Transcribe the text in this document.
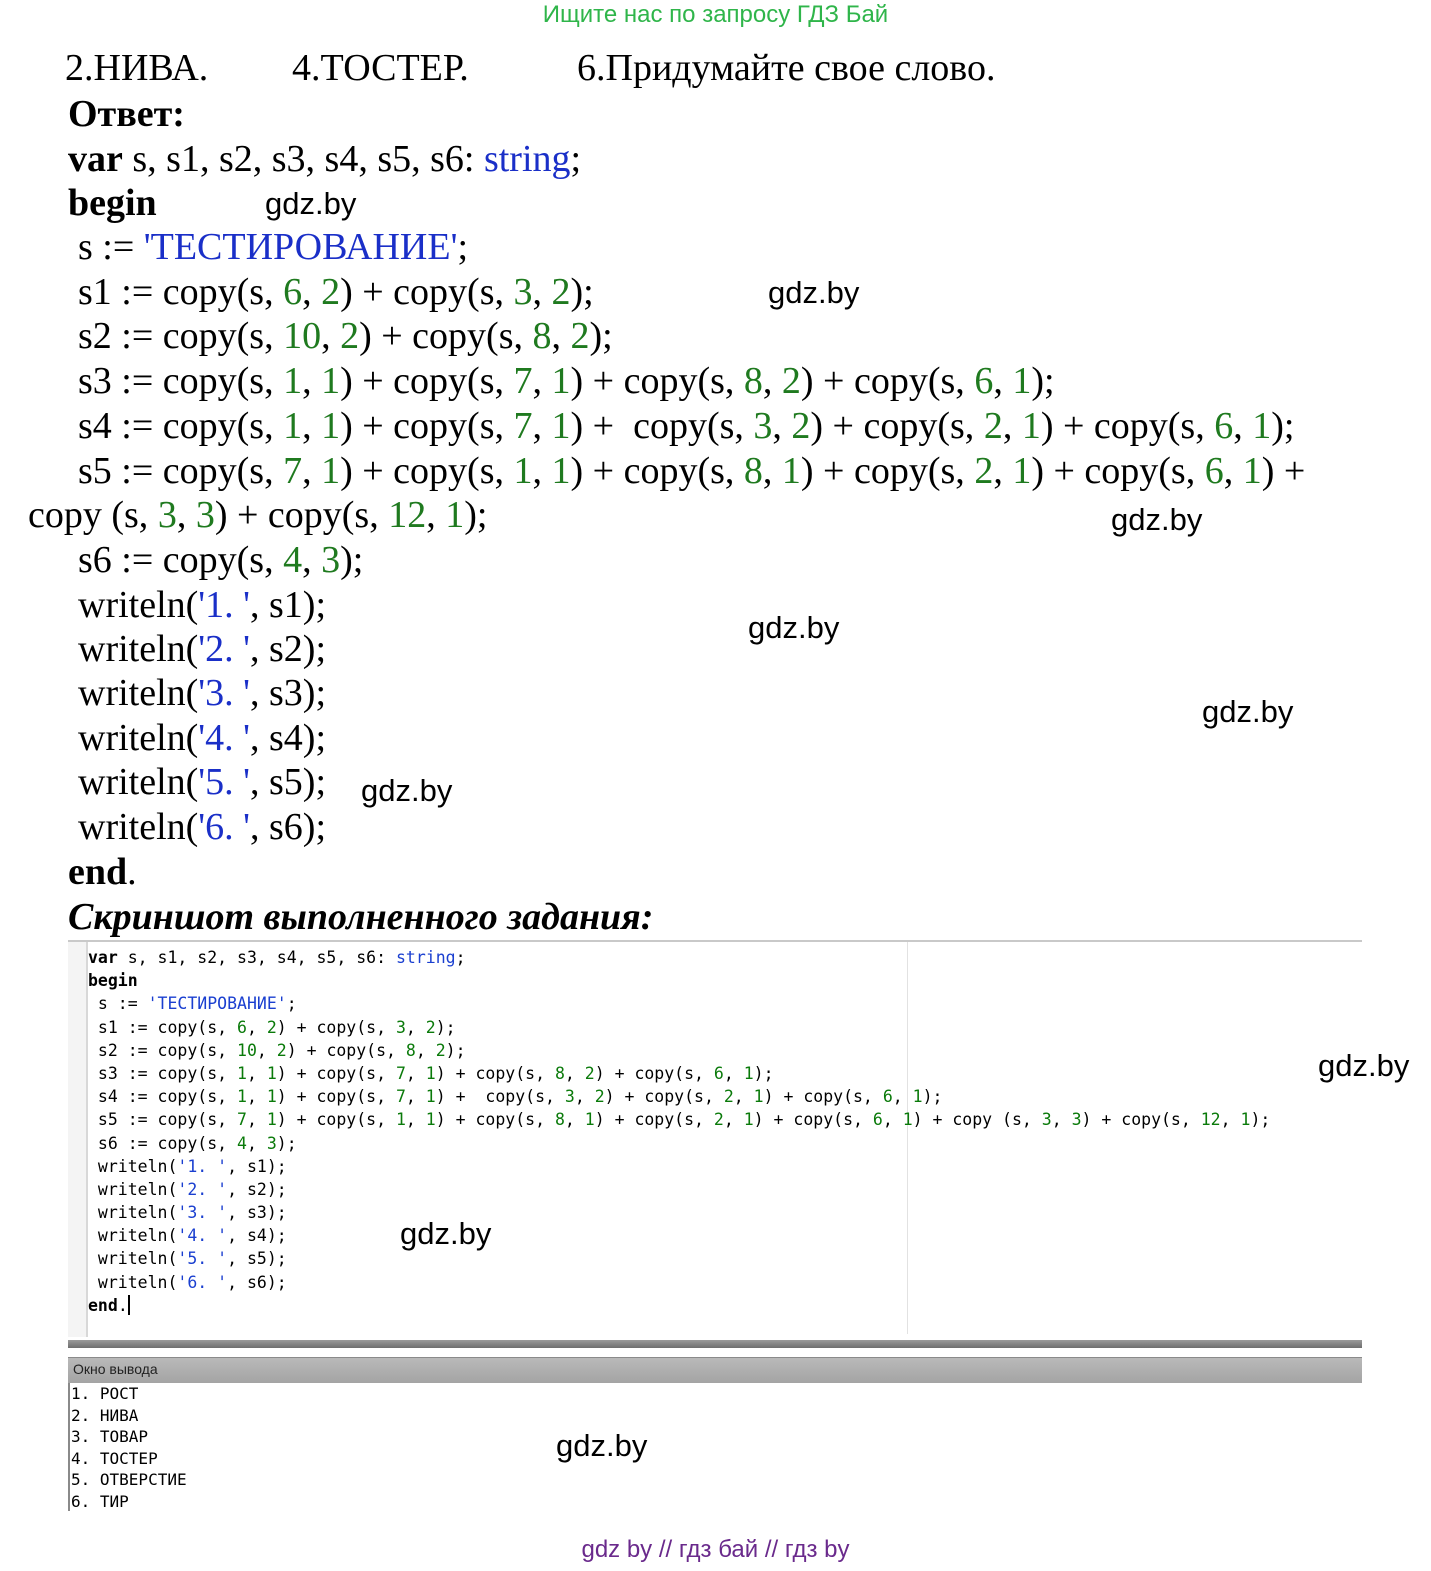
Ищите нас по запросу ГДЗ Бай
2.НИВА. 4.ТОСТЕР.	6.Придумайте свое слово.
Ответ:
var s, s1, s2, s3, s4, s5, s6: string;
begin
s := 'ТЕСТИРОВАНИЕ';
s1 := copy(s, 6, 2) + copy(s, 3, 2);
s2 := copy(s, 10, 2) + copy(s, 8, 2);
s3 := copy(s, 1, 1) + copy(s, 7, 1) + copy(s, 8, 2) + copy(s, 6, 1);
s4 := copy(s, 1, 1) + copy(s, 7, 1) +  copy(s, 3, 2) + copy(s, 2, 1) + copy(s, 6, 1);
s5 := copy(s, 7, 1) + copy(s, 1, 1) + copy(s, 8, 1) + copy(s, 2, 1) + copy(s, 6, 1) +
copy (s, 3, 3) + copy(s, 12, 1);
s6 := copy(s, 4, 3);
writeln('1. ', s1);
writeln('2. ', s2);
writeln('3. ', s3);
writeln('4. ', s4);
writeln('5. ', s5);
writeln('6. ', s6);
end.
Скриншот выполненного задания:
var s, s1, s2, s3, s4, s5, s6: string;
begin
s := 'ТЕСТИРОВАНИЕ';
s1 := copy(s, 6, 2) + copy(s, 3, 2);
s2 := copy(s, 10, 2) + copy(s, 8, 2);
s3 := copy(s, 1, 1) + copy(s, 7, 1) + copy(s, 8, 2) + copy(s, 6, 1);
s4 := copy(s, 1, 1) + copy(s, 7, 1) +  copy(s, 3, 2) + copy(s, 2, 1) + copy(s, 6, 1);
s5 := copy(s, 7, 1) + copy(s, 1, 1) + copy(s, 8, 1) + copy(s, 2, 1) + copy(s, 6, 1) + copy (s, 3, 3) + copy(s, 12, 1);
s6 := copy(s, 4, 3);
writeln('1. ', s1);
writeln('2. ', s2);
writeln('3. ', s3);
writeln('4. ', s4);
writeln('5. ', s5);
writeln('6. ', s6);
end.
Окно вывода
1. РОСТ
2. НИВА
3. ТОВАР
4. ТОСТЕР
5. ОТВЕРСТИЕ
6. ТИР
gdz.by
gdz.by
gdz.by
gdz.by
gdz.by
gdz.by
gdz.by
gdz.by
gdz.by
gdz by // гдз бай // гдз by
